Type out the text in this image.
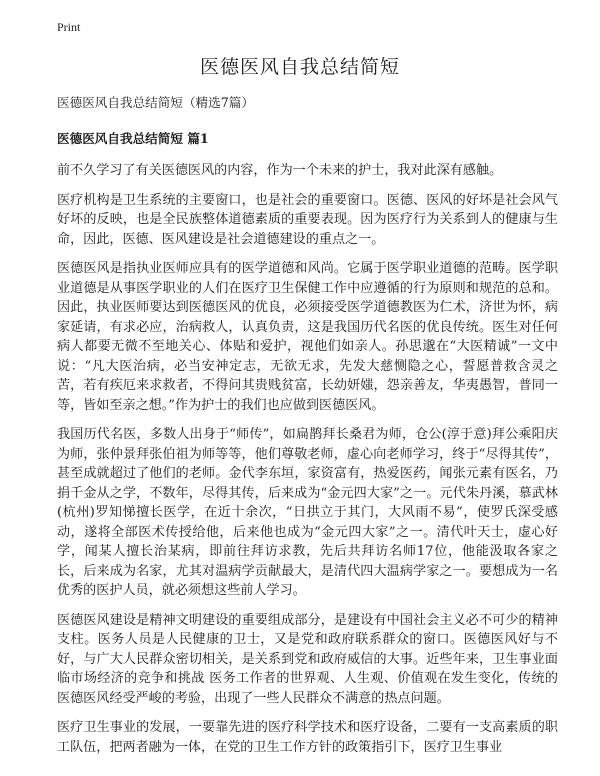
Print
医德医风自我总结简短

医德医风自我总结简短（精选7篇）

医德医风自我总结简短 篇1

前不久学习了有关医德医风的内容，作为一个未来的护士，我对此深有感触。

医疗机构是卫生系统的主要窗口，也是社会的重要窗口。医德、医风的好坏是社会风气好坏的反映，也是全民族整体道德素质的重要表现。因为医疗行为关系到人的健康与生命，因此，医德、医风建设是社会道德建设的重点之一。

医德医风是指执业医师应具有的医学道德和风尚。它属于医学职业道德的范畴。医学职业道德是从事医学职业的人们在医疗卫生保健工作中应遵循的行为原则和规范的总和。因此，执业医师要达到医德医风的优良，必须接受医学道德教医为仁术，济世为怀，病家延请，有求必应，治病救人，认真负责，这是我国历代名医的优良传统。医生对任何病人都要无微不至地关心、体贴和爱护，视他们如亲人。孙思邈在“大医精诚”一文中说：“凡大医治病，必当安神定志，无欲无求，先发大慈恻隐之心，誓愿普救含灵之苦，若有疾厄来求救者，不得问其贵贱贫富，长幼妍媸，怨亲善友，华夷愚智，普同一等，皆如至亲之想。”作为护士的我们也应做到医德医风。

我国历代名医，多数人出身于“师传”，如扁鹊拜长桑君为师，仓公(淳于意)拜公乘阳庆为师，张仲景拜张伯祖为师等等，他们尊敬老师，虚心向老师学习，终于“尽得其传”，甚至成就超过了他们的老师。金代李东垣，家资富有，热爱医药，闻张元素有医名，乃捐千金从之学，不数年，尽得其传，后来成为“金元四大家”之一。元代朱丹溪，慕武林(杭州)罗知悌擅长医学，在近十余次，“日拱立于其门，大风雨不易”，使罗氏深受感动，遂将全部医术传授给他，后来他也成为“金元四大家”之一。清代叶天士，虚心好学，闻某人擅长治某病，即前往拜访求教，先后共拜访名师17位，他能汲取各家之长，后来成为名家，尤其对温病学贡献最大，是清代四大温病学家之一。要想成为一名优秀的医护人员，就必须想这些前人学习。

医德医风建设是精神文明建设的重要组成部分，是建设有中国社会主义必不可少的精神支柱。医务人员是人民健康的卫士，又是党和政府联系群众的窗口。医德医风好与不好，与广大人民群众密切相关，是关系到党和政府威信的大事。近些年来，卫生事业面临市场经济的竞争和挑战 医务工作者的世界观、人生观、价值观在发生变化，传统的医德医风经受严峻的考验，出现了一些人民群众不满意的热点问题。

医疗卫生事业的发展，一要靠先进的医疗科学技术和医疗设备，二要有一支高素质的职工队伍，把两者融为一体，在党的卫生工作方针的政策指引下，医疗卫生事业
